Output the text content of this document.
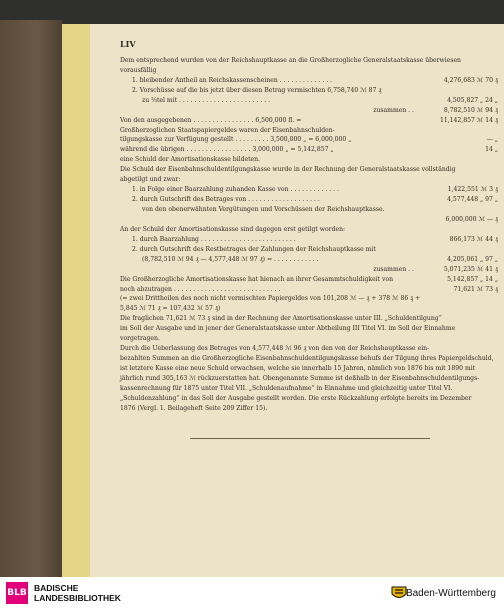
LIV
Dem entsprechend wurden von der Reichshauptkasse an die Großherzogliche Generalstaatskasse überwiesen
vorausfällig
1. bleibender Antheil an Reichskassenscheinen . . . . . . . . . . . . . .	4,276,683 ℳ 70 ₰
2. Vorschüsse auf die bis jetzt über diesen Betrag vermischten 6,758,740 ℳ 87 ₰
zu ⅔tel mit . . . . . . . . . . . . . . . . . . . . . . . .	4,505,827 „ 24 „
zusammen . .	8,782,510 ℳ 94 ₰
Von den ausgegebenen . . . . . . . . . . . . . . . . 6,500,000 fl. =	11,142,857 ℳ 14 ₰
Großherzoglichen Staatspapiergeldes waren der Eisenbahnschulden-
tilgungskasse zur Verfügung gestellt . . . . . . . . . 3,500,000 „ = 6,000,000 „	— „
während die übrigen . . . . . . . . . . . . . . . . . 3,000,000 „ = 5,142,857 „	14 „
eine Schuld der Amortisationskasse bildeten.
Die Schuld der Eisenbahnschuldentilgungskasse wurde in der Rechnung der Generalstaatskasse vollständig
abgetilgt und zwar:
1. in Folge einer Baarzahlung zuhanden Kasse von . . . . . . . . . . . . .	1,422,551 ℳ 3 ₰
2. durch Gutschrift des Betrages von . . . . . . . . . . . . . . . . . . .	4,577,448 „ 97 „
von den obenerwähnten Vergütungen und Vorschüssen der Reichshauptkasse.
6,000,000 ℳ — ₰
An der Schuld der Amortisationskasse sind dagegen erst getilgt worden:
1. durch Baarzahlung . . . . . . . . . . . . . . . . . . . . . . . . .	866,173 ℳ 44 ₰
2. durch Gutschrift des Restbetrages der Zahlungen der Reichshauptkasse mit
(8,782,510 ℳ 94 ₰ — 4,577,448 ℳ 97 ₰) = . . . . . . . . . . . .	4,205,061 „ 97 „
zusammen . .	5,071,235 ℳ 41 ₰
Die Großherzogliche Amortisationskasse hat hienach an ihrer Gesammtschuldigkeit von	5,142,857 „ 14 „
noch abzutragen . . . . . . . . . . . . . . . . . . . . . . . . . . . .	71,621 ℳ 73 ₰
(= zwei Drittheilen des noch nicht vermischten Papiergeldes von 101,208 ℳ — ₰ + 378 ℳ 86 ₰ +
5,845 ℳ 71 ₰ = 107,432 ℳ 57 ₰)
Die fraglichen 71,621 ℳ 73 ₰ sind in der Rechnung der Amortisationskasse unter III. „Schuldentilgung“
im Soll der Ausgabe und in jener der Generalstaatskasse unter Abtheilung III Titel VI. im Soll der Einnahme
vorgetragen.
Durch die Ueberlassung des Betrages von 4,577,448 ℳ 96 ₰ von den von der Reichshauptkasse ein-
bezahlten Summen an die Großherzogliche Eisenbahnschuldentilgungskasse behufs der Tilgung ihres Papiergeldschuld,
ist letztere Kasse eine neue Schuld erwachsen, welche sie innerhalb 15 Jahren, nämlich von 1876 bis mit 1890 mit
jährlich rund 305,163 ℳ rückzuerstatten hat. Obengenannte Summe ist deßhalb in der Eisenbahnschuldentilgungs-
kassenrechnung für 1875 unter Titel VII. „Schuldenaufnahme“ in Einnahme und gleichzeitig unter Titel VI.
„Schuldenzahlung“ in das Soll der Ausgabe gestellt worden. Die erste Rückzahlung erfolgte bereits im Dezember
1876 (Vergl. 1. Beilageheft Seite 209 Ziffer 15).
BLB BADISCHE
LANDESBIBLIOTHEK	Baden-Württemberg
